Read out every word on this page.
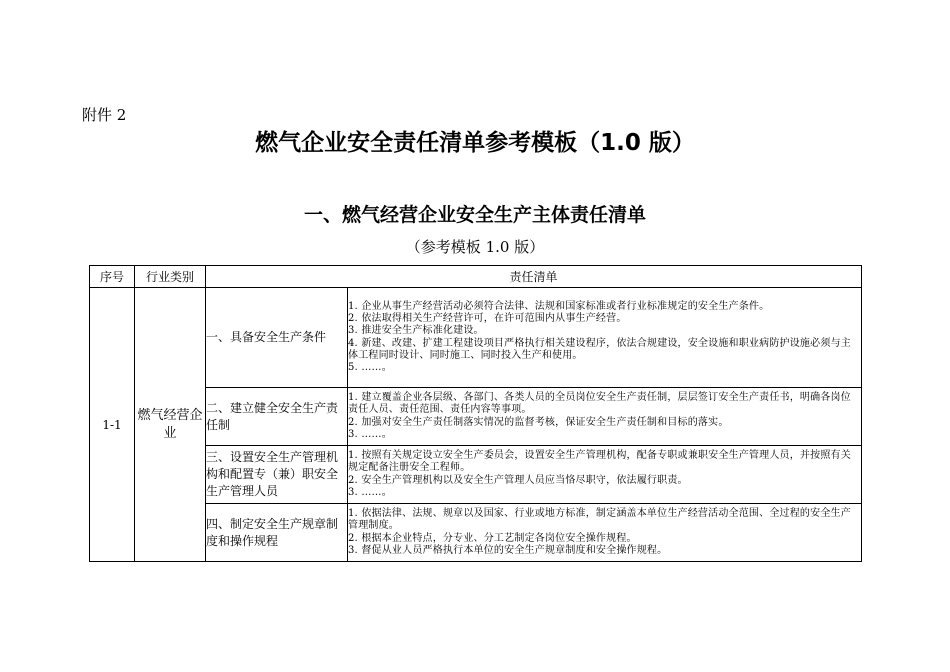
附件 2
燃气企业安全责任清单参考模板（1.0 版）
一、燃气经营企业安全生产主体责任清单
（参考模板 1.0 版）
序号	行业类别	责任清单	
1-1	燃气经营企业	一、具备安全生产条件	1. 企业从事生产经营活动必须符合法律、法规和国家标准或者行业标准规定的安全生产条件。
2. 依法取得相关生产经营许可，在许可范围内从事生产经营。
3. 推进安全生产标准化建设。
4. 新建、改建、扩建工程建设项目严格执行相关建设程序，依法合规建设，安全设施和职业病防护设施必须与主体工程同时设计、同时施工、同时投入生产和使用。
5. ……。

		二、建立健全安全生产责任制	1. 建立覆盖企业各层级、各部门、各类人员的全员岗位安全生产责任制，层层签订安全生产责任书，明确各岗位责任人员、责任范围、责任内容等事项。
2. 加强对安全生产责任制落实情况的监督考核，保证安全生产责任制和目标的落实。
3. ……。

		三、设置安全生产管理机构和配置专（兼）职安全生产管理人员	1. 按照有关规定设立安全生产委员会，设置安全生产管理机构，配备专职或兼职安全生产管理人员，并按照有关规定配备注册安全工程师。
2. 安全生产管理机构以及安全生产管理人员应当恪尽职守，依法履行职责。
3. ……。

		四、制定安全生产规章制度和操作规程	1. 依据法律、法规、规章以及国家、行业或地方标准，制定涵盖本单位生产经营活动全范围、全过程的安全生产管理制度。
2. 根据本企业特点，分专业、分工艺制定各岗位安全操作规程。
3. 督促从业人员严格执行本单位的安全生产规章制度和安全操作规程。
